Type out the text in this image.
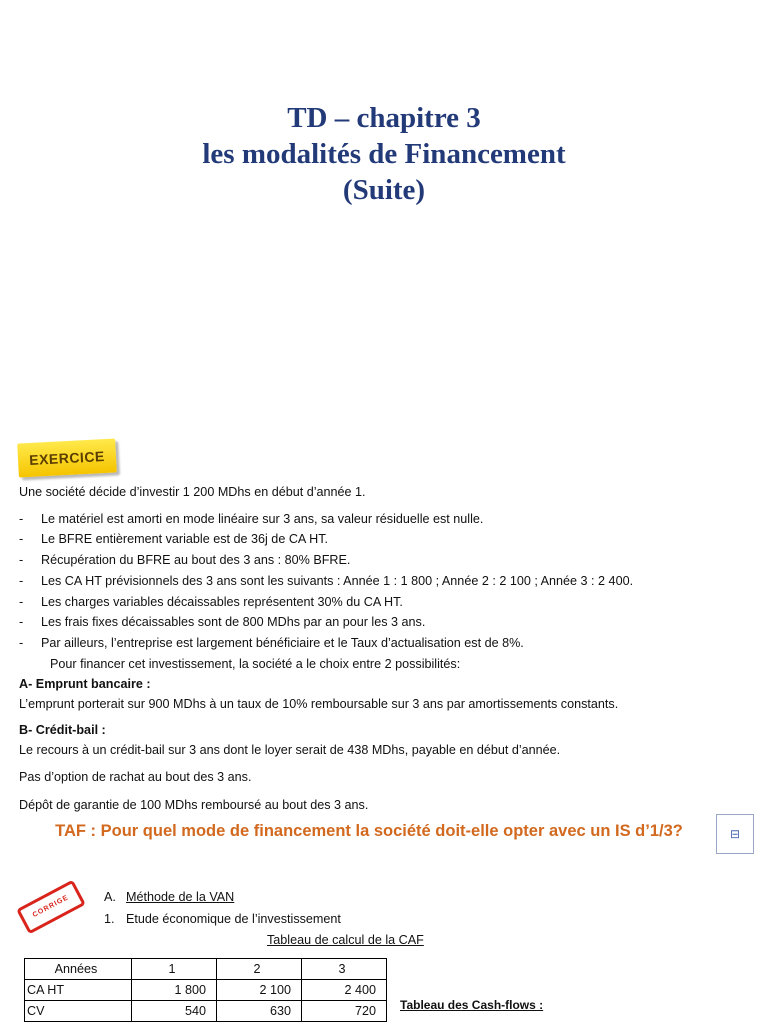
TD – chapitre 3
les modalités de Financement
(Suite)
EXERCICE
Une société décide d’investir 1 200 MDhs en début d’année 1.
- Le matériel est amorti en mode linéaire sur 3 ans, sa valeur résiduelle est nulle.
- Le BFRE entièrement variable est de 36j de CA HT.
- Récupération du BFRE au bout des 3 ans : 80% BFRE.
- Les CA HT prévisionnels des 3 ans sont les suivants : Année 1 : 1 800 ; Année 2 : 2 100 ; Année 3 : 2 400.
- Les charges variables décaissables représentent 30% du CA HT.
- Les frais fixes décaissables sont de 800 MDhs par an pour les 3 ans.
- Par ailleurs, l’entreprise est largement bénéficiaire et le Taux d’actualisation est de 8%.
Pour financer cet investissement, la société a le choix entre 2 possibilités:
A- Emprunt bancaire :
L’emprunt porterait sur 900 MDhs à un taux de 10% remboursable sur 3 ans par amortissements constants.
B- Crédit-bail :
Le recours à un crédit-bail sur 3 ans dont le loyer serait de 438 MDhs, payable en début d’année.
Pas d’option de rachat au bout des 3 ans.
Dépôt de garantie de 100 MDhs remboursé au bout des 3 ans.
TAF : Pour quel mode de financement la société doit-elle opter avec un IS d’1/3?	⊟
CORRIGE	A. Méthode de la VAN
1. Etude économique de l’investissement
Tableau de calcul de la CAF
Tableau des Cash-flows :
Années	1	2	3
CA HT	1 800	2 100	2 400
CV	540	630	720
